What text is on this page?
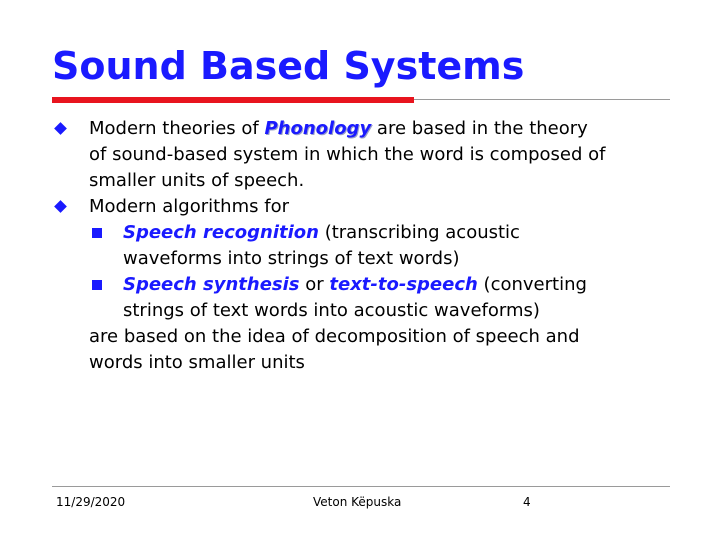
Sound Based Systems
Modern theories of Phonology are based in the theory
of sound-based system in which the word is composed of
smaller units of speech.
Modern algorithms for
Speech recognition (transcribing acoustic
waveforms into strings of text words)
Speech synthesis or text-to-speech (converting
strings of text words into acoustic waveforms)
are based on the idea of decomposition of speech and
words into smaller units
11/29/2020	Veton Këpuska	4
